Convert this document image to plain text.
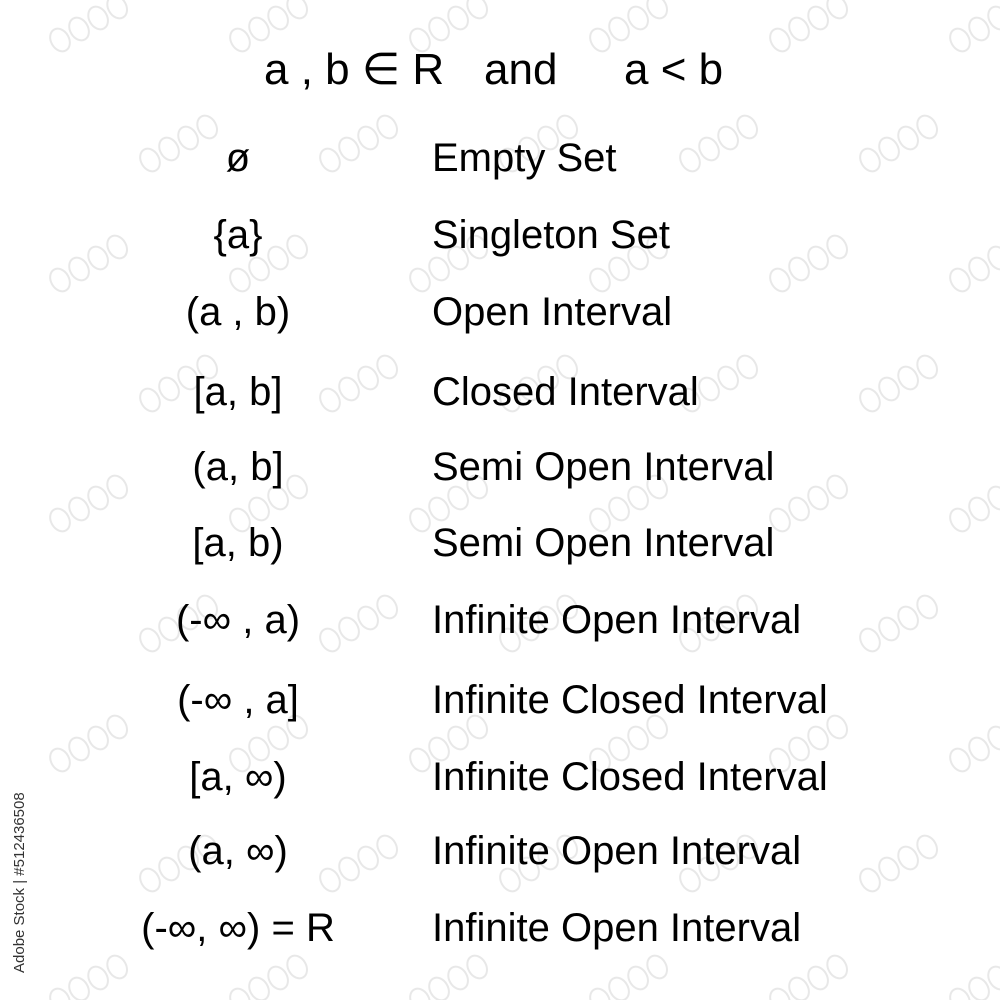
a , b ∈ R and a < b
ø	Empty Set
{a}	Singleton Set
(a , b)	Open Interval
[a, b]	Closed Interval
(a, b]	Semi Open Interval
[a, b)	Semi Open Interval
(-∞ , a)	Infinite Open Interval
(-∞ , a]	Infinite Closed Interval
[a, ∞)	Infinite Closed Interval
(a, ∞)	Infinite Open Interval
(-∞, ∞) = R	Infinite Open Interval
Adobe Stock | #512436508
